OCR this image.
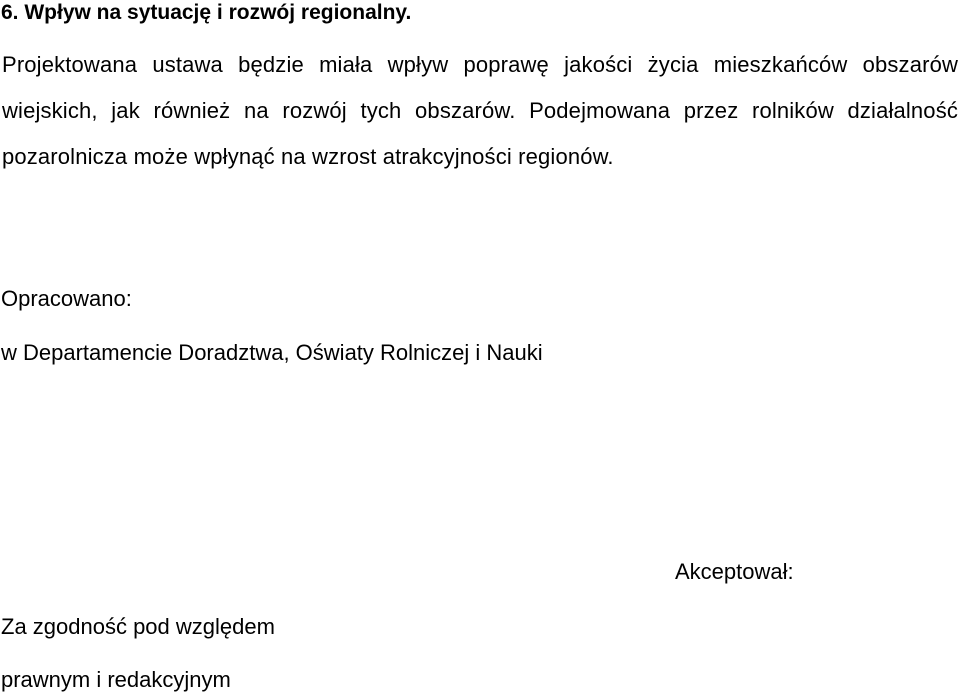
6. Wpływ na sytuację i rozwój regionalny.
Projektowana ustawa będzie miała wpływ poprawę jakości życia mieszkańców obszarów wiejskich, jak również na rozwój tych obszarów. Podejmowana przez rolników działalność pozarolnicza może wpłynąć na wzrost atrakcyjności regionów.
Opracowano:
w Departamencie Doradztwa, Oświaty Rolniczej i Nauki
Akceptował:
Za zgodność pod względem
prawnym i redakcyjnym
